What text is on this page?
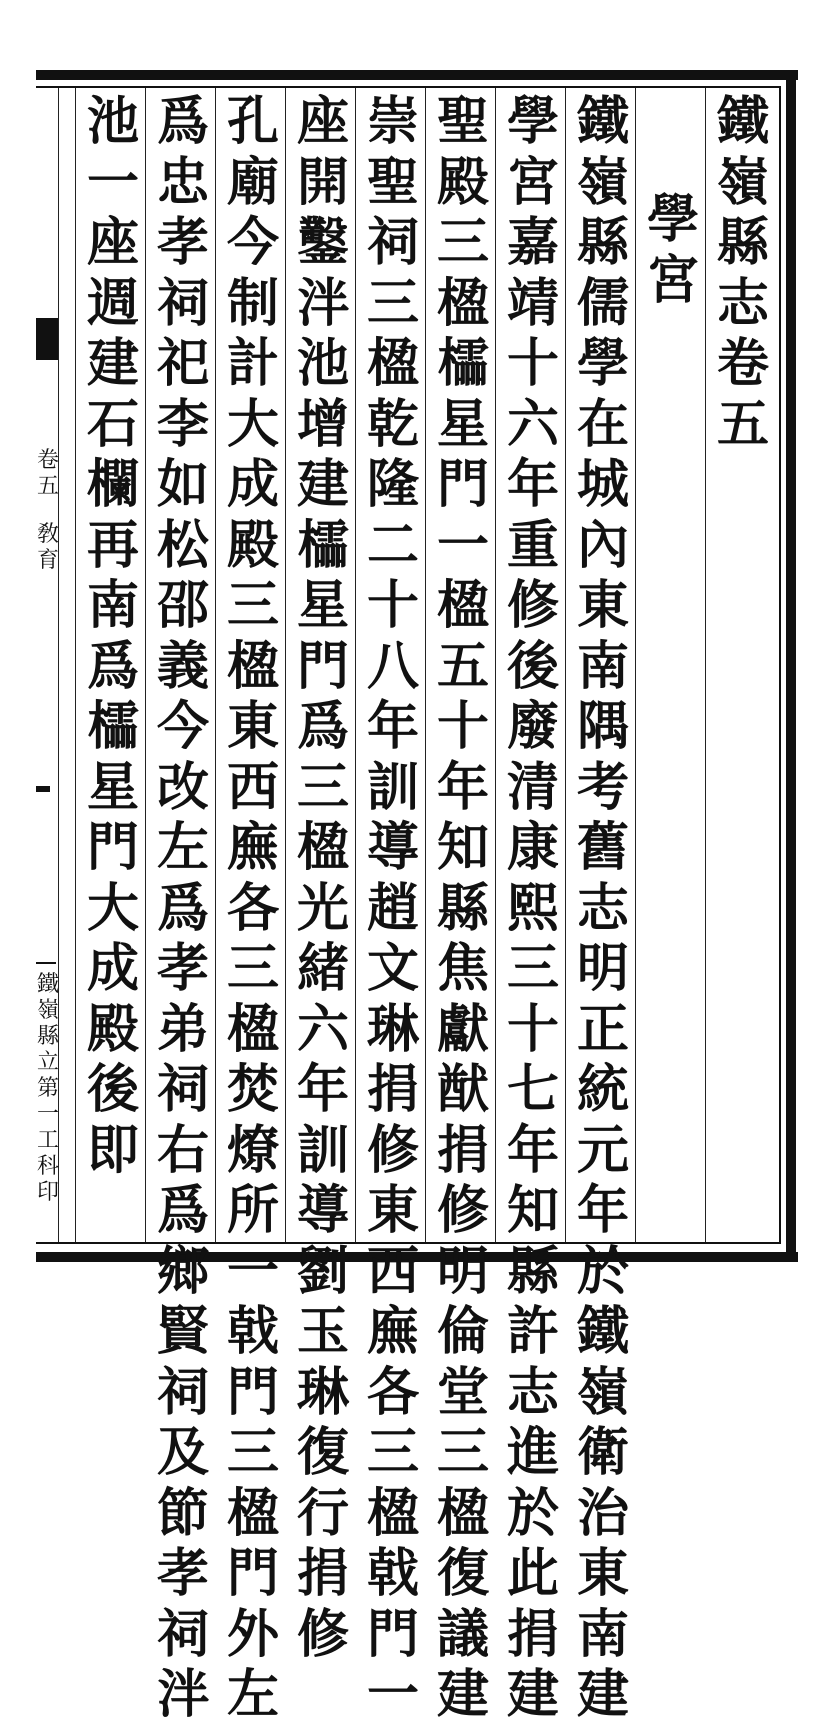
卷
五
敎
育
鐵
嶺
縣
立
第
一
工
科
印
鐵
嶺
縣
志
卷
五
學
宮
鐵
嶺
縣
儒
學
在
城
內
東
南
隅
考
舊
志
明
正
統
元
年
於
鐵
嶺
衛
治
東
南
建
學
宮
嘉
靖
十
六
年
重
修
後
廢
清
康
熙
三
十
七
年
知
縣
許
志
進
於
此
捐
建
聖
殿
三
楹
櫺
星
門
一
楹
五
十
年
知
縣
焦
獻
猷
捐
修
明
倫
堂
三
楹
復
議
建
崇
聖
祠
三
楹
乾
隆
二
十
八
年
訓
導
趙
文
琳
捐
修
東
西
廡
各
三
楹
戟
門
一
座
開
鑿
泮
池
增
建
櫺
星
門
爲
三
楹
光
緒
六
年
訓
導
劉
玉
琳
復
行
捐
修
孔
廟
今
制
計
大
成
殿
三
楹
東
西
廡
各
三
楹
焚
燎
所
一
戟
門
三
楹
門
外
左
爲
忠
孝
祠
祀
李
如
松
邵
義
今
改
左
爲
孝
弟
祠
右
爲
鄉
賢
祠
及
節
孝
祠
泮
池
一
座
週
建
石
欄
再
南
爲
櫺
星
門
大
成
殿
後
即
